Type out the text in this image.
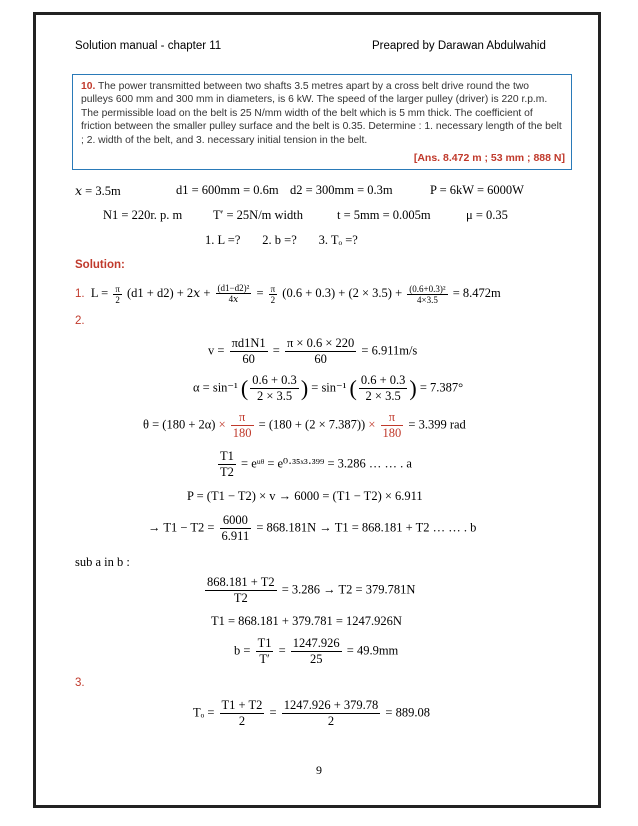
Solution manual - chapter 11	Preapred by Darawan Abdulwahid
10. The power transmitted between two shafts 3.5 metres apart by a cross belt drive round the two pulleys 600 mm and 300 mm in diameters, is 6 kW. The speed of the larger pulley (driver) is 220 r.p.m. The permissible load on the belt is 25 N/mm width of the belt which is 5 mm thick. The coefficient of friction between the smaller pulley surface and the belt is 0.35. Determine : 1. necessary length of the belt ; 2. width of the belt, and 3. necessary initial tension in the belt.
[Ans. 8.472 m ; 53 mm ; 888 N]
𝑥 = 3.5m	d1 = 600mm = 0.6m d2 = 300mm = 0.3m	P = 6kW = 6000W
N1 = 220r. p. m T′ = 25N/m width	t = 5mm = 0.005m	μ = 0.35
1. L =?       2. b =?       3. Tₒ =?
Solution:
1. $L = \frac{\pi}{2} (d1 + d2)$ + 2𝑥 + (d1−d2)²
4𝑥	= $\frac{\pi}{2} (0.6 + 0.3) + (2 \times 3.5) + \frac{\text{(0.6+0.3)²}}{4\times 3.5} = 8.472m$
2.
$v = \frac{\pi d1N1}{60} = \frac{\pi \times 0.6 \times 220}{60} = 6.911m/s$
α = sin⁻¹ ( $\frac{0.6 + 0.3}{2 \times 3.5}$ ) = sin⁻¹ ( $\frac{0.6 + 0.3}{2 \times 3.5}$ ) = 7.387°
$\theta = (180 + 2\alpha) \times \frac{\pi}{180} = (180 + (2 \times 7.387)) \times \frac{\pi}{180} = 3.399$ rad
$\frac{T1}{T2}$ = eᵘᶿ = e⁰·³⁵ˣ³·³⁹⁹ = 3.286 … … . a
P = (T1 − T2) × v → 6000 = (T1 − T2) × 6.911
→ $T1 - T2 = \frac{6000}{6.911} = 868.181N \to T1 = 868.181 + T2$ … … . b
sub a in b :
$\frac{868.181 + T2}{T2} = 3.286 \to T2 = 379.781N$
T1 = 868.181 + 379.781 = 1247.926N
$b = \frac{T1}{T'} = \frac{1247.926}{25} = 49.9mm$
3.
$T_o = \frac{T1 + T2}{2} = \frac{1247.926 + 379.78}{2} = 889.08$
9
